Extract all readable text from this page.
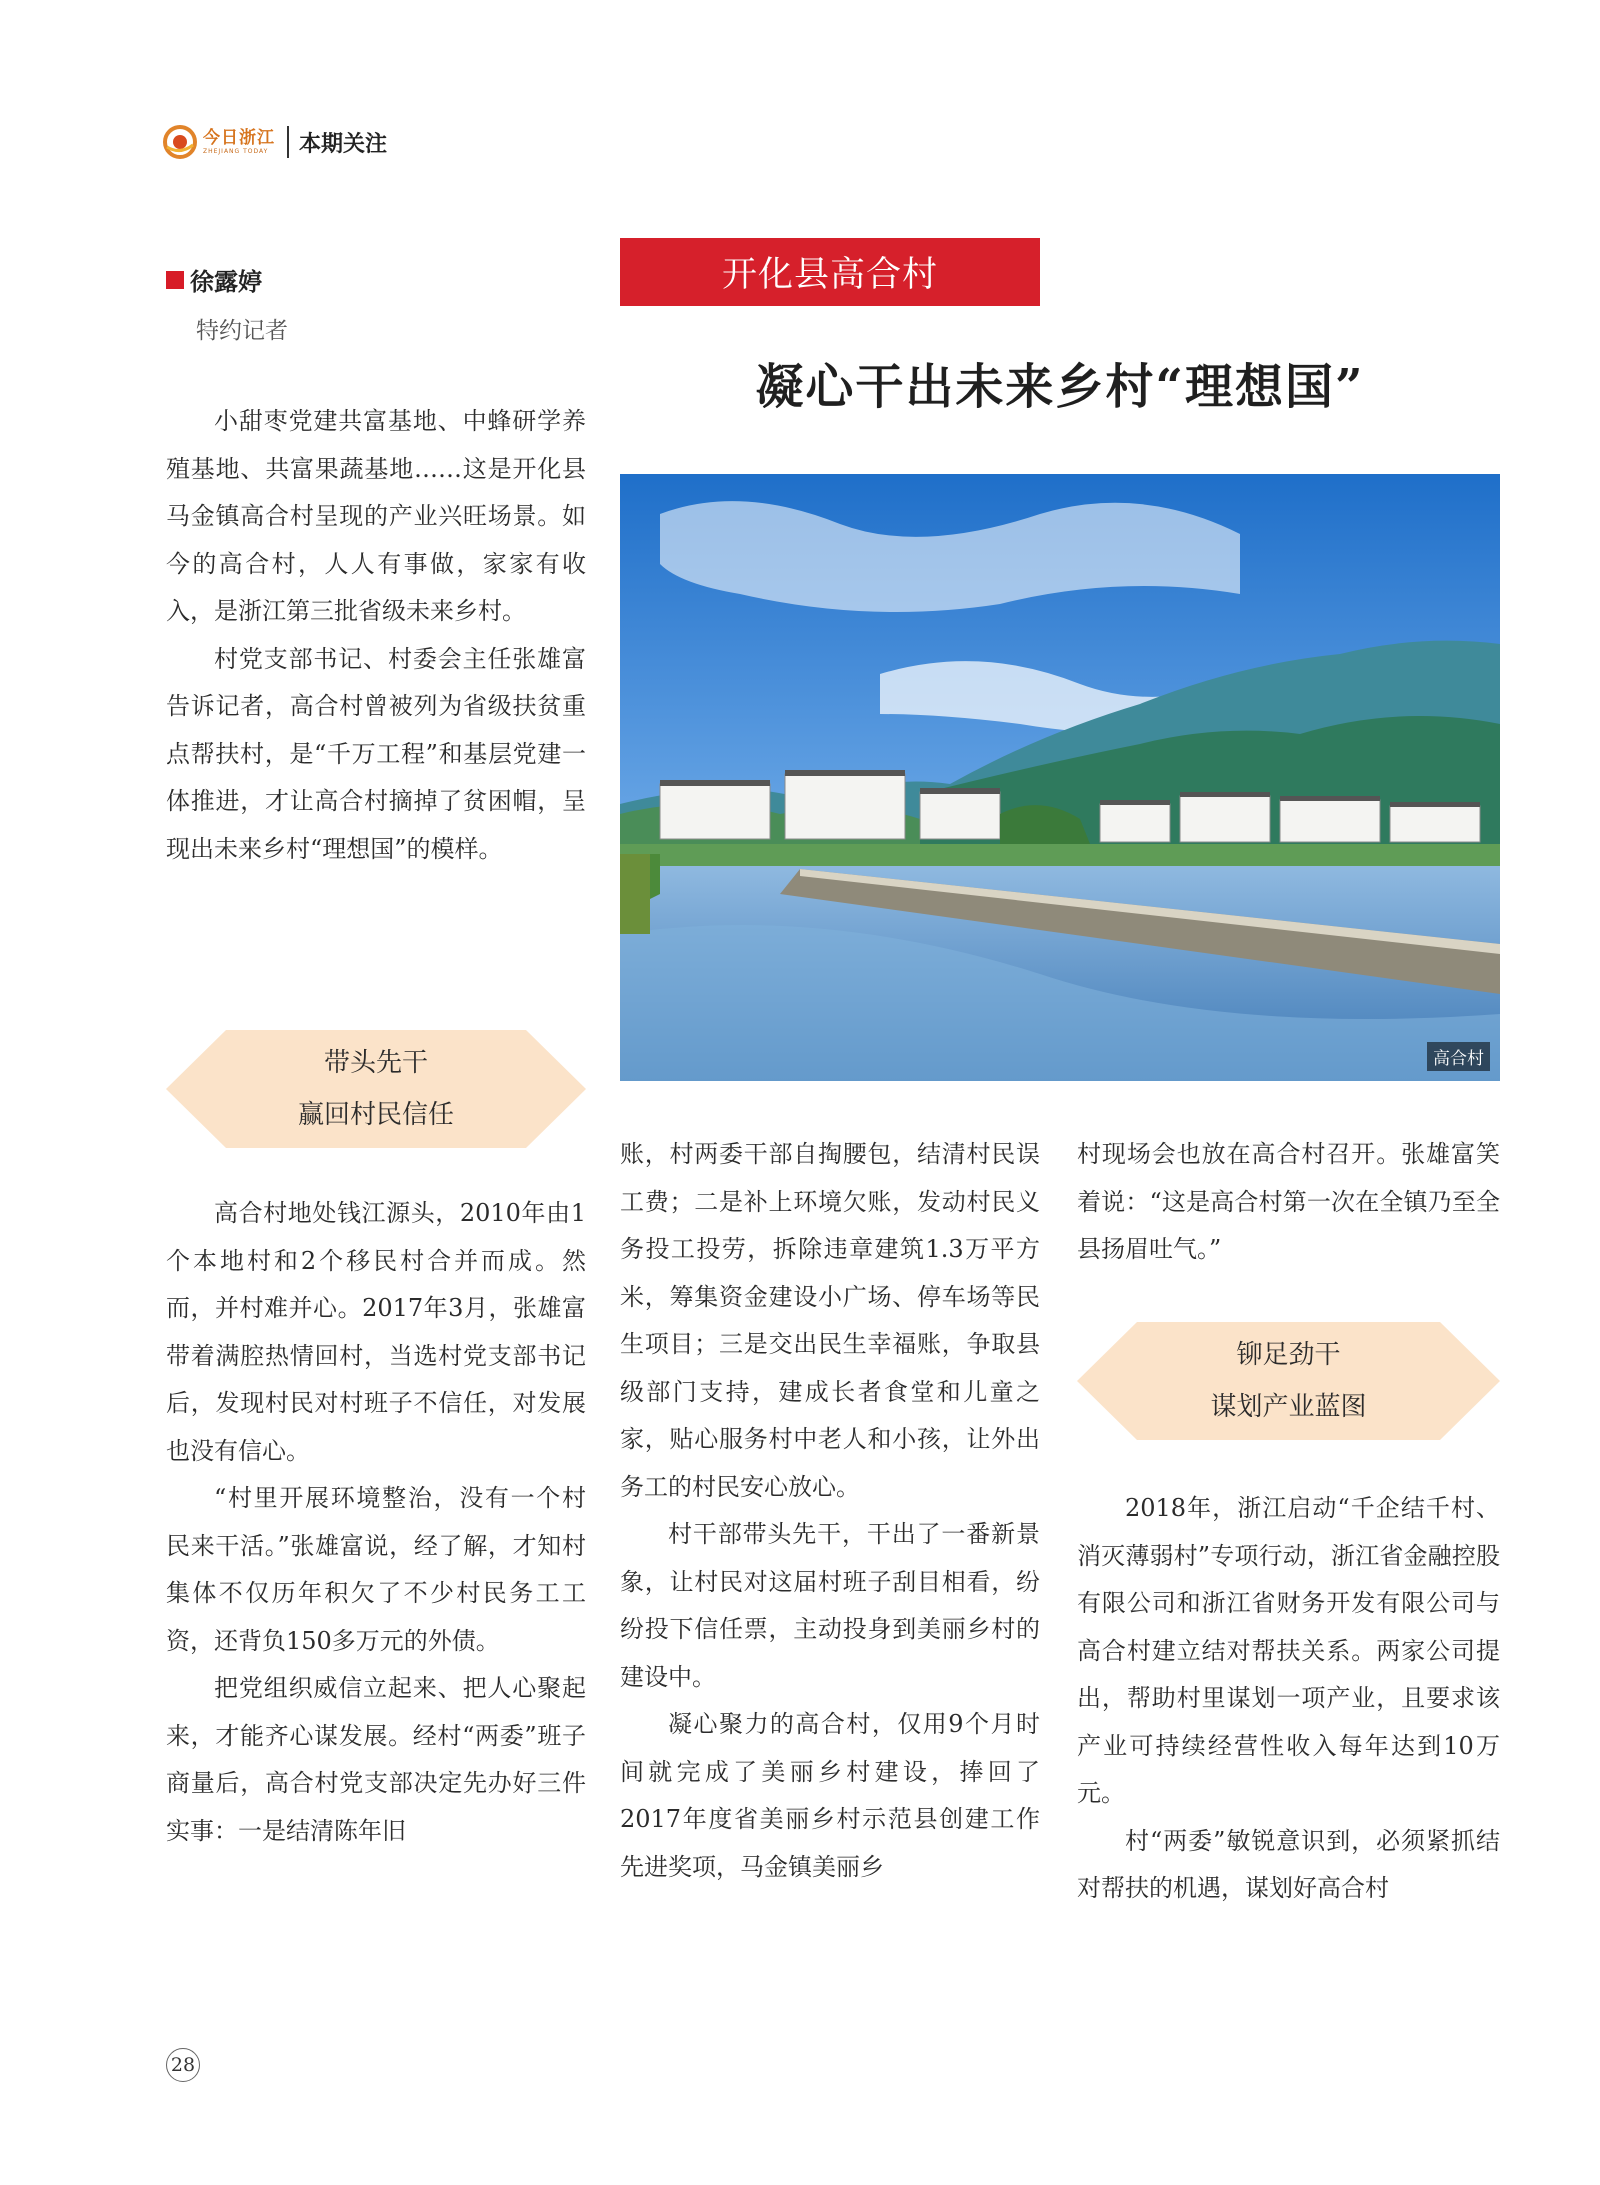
今日浙江
ZHEJIANG TODAY	本期关注
徐露婷
特约记者
开化县高合村
凝心干出未来乡村“理想国”
高合村

小甜枣党建共富基地、中蜂研学养殖基地、共富果蔬基地……这是开化县马金镇高合村呈现的产业兴旺场景。如今的高合村，人人有事做，家家有收入，是浙江第三批省级未来乡村。

村党支部书记、村委会主任张雄富告诉记者，高合村曾被列为省级扶贫重点帮扶村，是“千万工程”和基层党建一体推进，才让高合村摘掉了贫困帽，呈现出未来乡村“理想国”的模样。

带头先干
赢回村民信任

高合村地处钱江源头，2010年由1个本地村和2个移民村合并而成。然而，并村难并心。2017年3月，张雄富带着满腔热情回村，当选村党支部书记后，发现村民对村班子不信任，对发展也没有信心。

“村里开展环境整治，没有一个村民来干活。”张雄富说，经了解，才知村集体不仅历年积欠了不少村民务工工资，还背负150多万元的外债。

把党组织威信立起来、把人心聚起来，才能齐心谋发展。经村“两委”班子商量后，高合村党支部决定先办好三件实事：一是结清陈年旧

账，村两委干部自掏腰包，结清村民误工费；二是补上环境欠账，发动村民义务投工投劳，拆除违章建筑1.3万平方米，筹集资金建设小广场、停车场等民生项目；三是交出民生幸福账，争取县级部门支持，建成长者食堂和儿童之家，贴心服务村中老人和小孩，让外出务工的村民安心放心。

村干部带头先干，干出了一番新景象，让村民对这届村班子刮目相看，纷纷投下信任票，主动投身到美丽乡村的建设中。

凝心聚力的高合村，仅用9个月时间就完成了美丽乡村建设，捧回了2017年度省美丽乡村示范县创建工作先进奖项，马金镇美丽乡

村现场会也放在高合村召开。张雄富笑着说：“这是高合村第一次在全镇乃至全县扬眉吐气。”

铆足劲干
谋划产业蓝图

2018年，浙江启动“千企结千村、消灭薄弱村”专项行动，浙江省金融控股有限公司和浙江省财务开发有限公司与高合村建立结对帮扶关系。两家公司提出，帮助村里谋划一项产业，且要求该产业可持续经营性收入每年达到10万元。

村“两委”敏锐意识到，必须紧抓结对帮扶的机遇，谋划好高合村

28
